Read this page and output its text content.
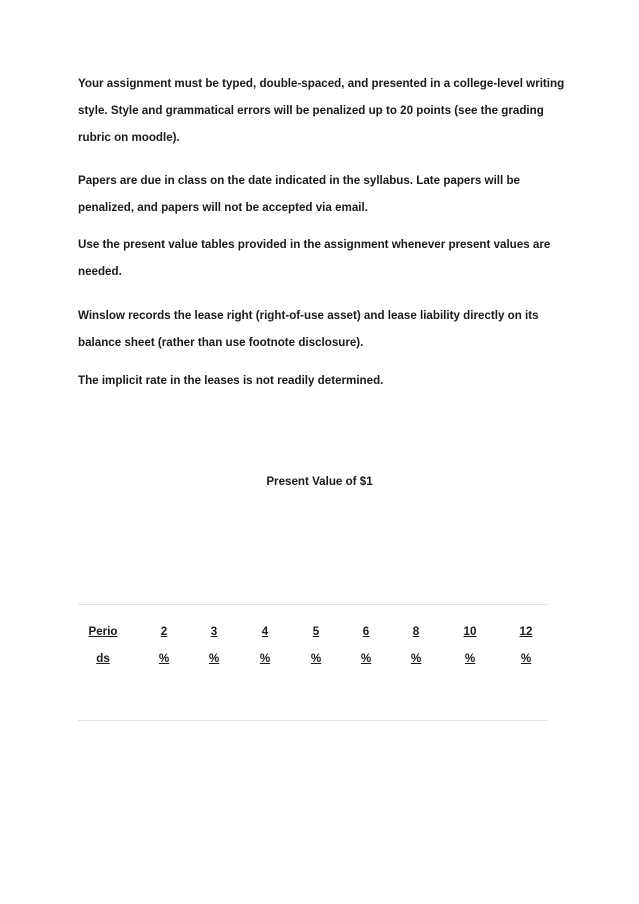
Your assignment must be typed, double-spaced, and presented in a college-level writing style. Style and grammatical errors will be penalized up to 20 points (see the grading rubric on moodle).

Papers are due in class on the date indicated in the syllabus. Late papers will be penalized, and papers will not be accepted via email.

Use the present value tables provided in the assignment whenever present values are needed.

Winslow records the lease right (right-of-use asset) and lease liability directly on its balance sheet (rather than use footnote disclosure).

The implicit rate in the leases is not readily determined.

Present Value of $1
Perio
ds
2
%
3
%
4
%
5
%
6
%
8
%
10
%
12
%
